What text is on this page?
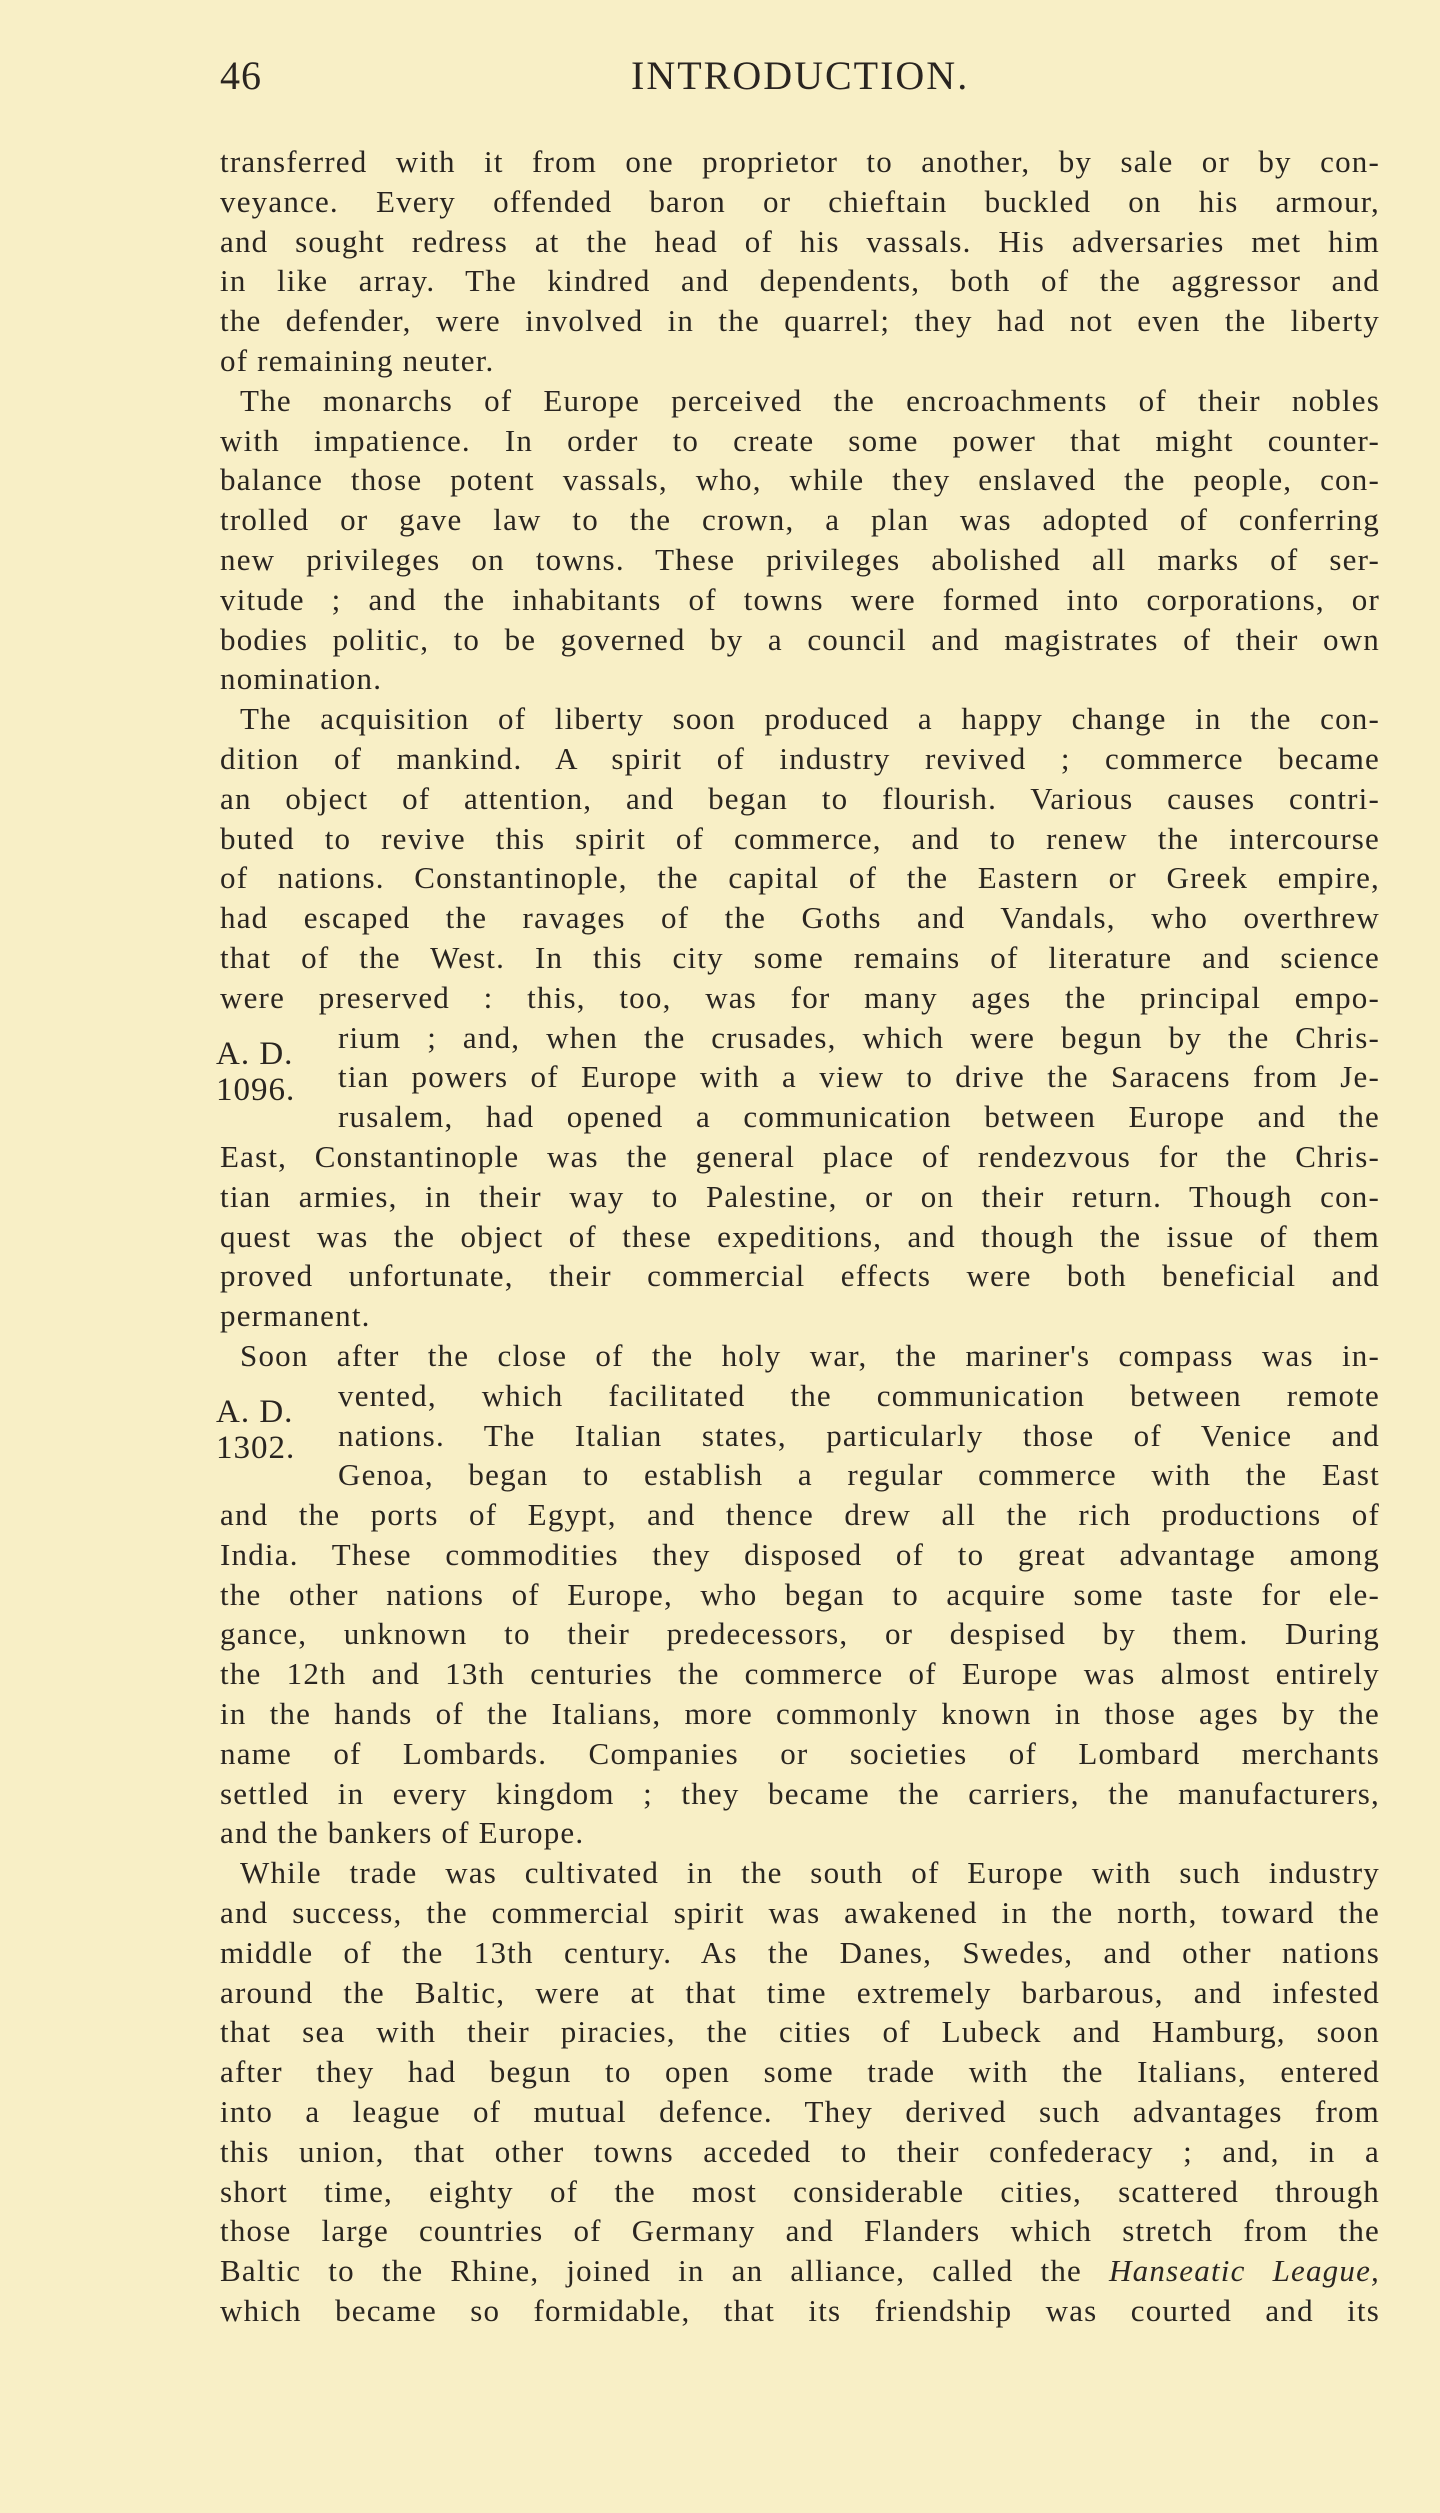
46	INTRODUCTION.
transferred with it from one proprietor to another, by sale or by con-
veyance. Every offended baron or chieftain buckled on his armour,
and sought redress at the head of his vassals. His adversaries met him
in like array. The kindred and dependents, both of the aggressor and
the defender, were involved in the quarrel; they had not even the liberty
of remaining neuter.
The monarchs of Europe perceived the encroachments of their nobles
with impatience. In order to create some power that might counter-
balance those potent vassals, who, while they enslaved the people, con-
trolled or gave law to the crown, a plan was adopted of conferring
new privileges on towns. These privileges abolished all marks of ser-
vitude ; and the inhabitants of towns were formed into corporations, or
bodies politic, to be governed by a council and magistrates of their own
nomination.
The acquisition of liberty soon produced a happy change in the con-
dition of mankind. A spirit of industry revived ; commerce became
an object of attention, and began to flourish. Various causes contri-
buted to revive this spirit of commerce, and to renew the intercourse
of nations. Constantinople, the capital of the Eastern or Greek empire,
had escaped the ravages of the Goths and Vandals, who overthrew
that of the West. In this city some remains of literature and science
were preserved : this, too, was for many ages the principal empo-
rium ; and, when the crusades, which were begun by the Chris-
tian powers of Europe with a view to drive the Saracens from Je-
rusalem, had opened a communication between Europe and the
East, Constantinople was the general place of rendezvous for the Chris-
tian armies, in their way to Palestine, or on their return. Though con-
quest was the object of these expeditions, and though the issue of them
proved unfortunate, their commercial effects were both beneficial and
permanent.
Soon after the close of the holy war, the mariner's compass was in-
vented, which facilitated the communication between remote
nations. The Italian states, particularly those of Venice and
Genoa, began to establish a regular commerce with the East
and the ports of Egypt, and thence drew all the rich productions of
India. These commodities they disposed of to great advantage among
the other nations of Europe, who began to acquire some taste for ele-
gance, unknown to their predecessors, or despised by them. During
the 12th and 13th centuries the commerce of Europe was almost entirely
in the hands of the Italians, more commonly known in those ages by the
name of Lombards. Companies or societies of Lombard merchants
settled in every kingdom ; they became the carriers, the manufacturers,
and the bankers of Europe.
While trade was cultivated in the south of Europe with such industry
and success, the commercial spirit was awakened in the north, toward the
middle of the 13th century. As the Danes, Swedes, and other nations
around the Baltic, were at that time extremely barbarous, and infested
that sea with their piracies, the cities of Lubeck and Hamburg, soon
after they had begun to open some trade with the Italians, entered
into a league of mutual defence. They derived such advantages from
this union, that other towns acceded to their confederacy ; and, in a
short time, eighty of the most considerable cities, scattered through
those large countries of Germany and Flanders which stretch from the
Baltic to the Rhine, joined in an alliance, called the Hanseatic League,
which became so formidable, that its friendship was courted and its
A. D.
1096.
A. D.
1302.
